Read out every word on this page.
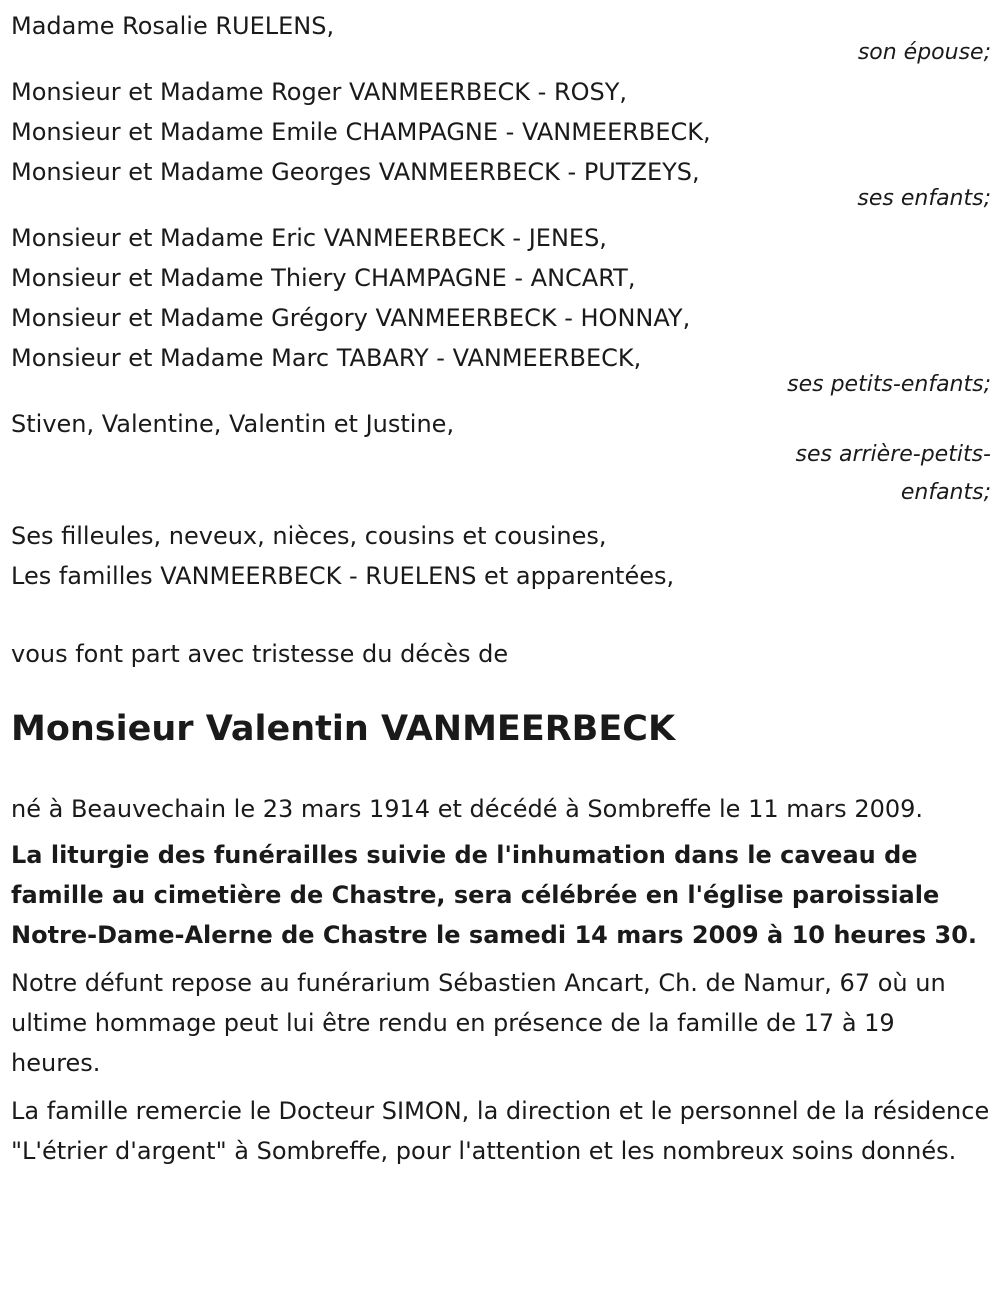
Madame Rosalie RUELENS,
son épouse;
Monsieur et Madame Roger VANMEERBECK - ROSY,
Monsieur et Madame Emile CHAMPAGNE - VANMEERBECK,
Monsieur et Madame Georges VANMEERBECK - PUTZEYS,
ses enfants;
Monsieur et Madame Eric VANMEERBECK - JENES,
Monsieur et Madame Thiery CHAMPAGNE - ANCART,
Monsieur et Madame Grégory VANMEERBECK - HONNAY,
Monsieur et Madame Marc TABARY - VANMEERBECK,
ses petits-enfants;
Stiven, Valentine, Valentin et Justine,
ses arrière-petits-enfants;
Ses filleules, neveux, nièces, cousins et cousines,
Les familles VANMEERBECK - RUELENS et apparentées,
vous font part avec tristesse du décès de
Monsieur Valentin VANMEERBECK

né à Beauvechain le 23 mars 1914 et décédé à Sombreffe le 11 mars 2009.

La liturgie des funérailles suivie de l'inhumation dans le caveau de famille au cimetière de Chastre, sera célébrée en l'église paroissiale Notre-Dame-Alerne de Chastre le samedi 14 mars 2009 à 10 heures 30.

Notre défunt repose au funérarium Sébastien Ancart, Ch. de Namur, 67 où un ultime hommage peut lui être rendu en présence de la famille de 17 à 19 heures.

La famille remercie le Docteur SIMON, la direction et le personnel de la résidence "L'étrier d'argent" à Sombreffe, pour l'attention et les nombreux soins donnés.
